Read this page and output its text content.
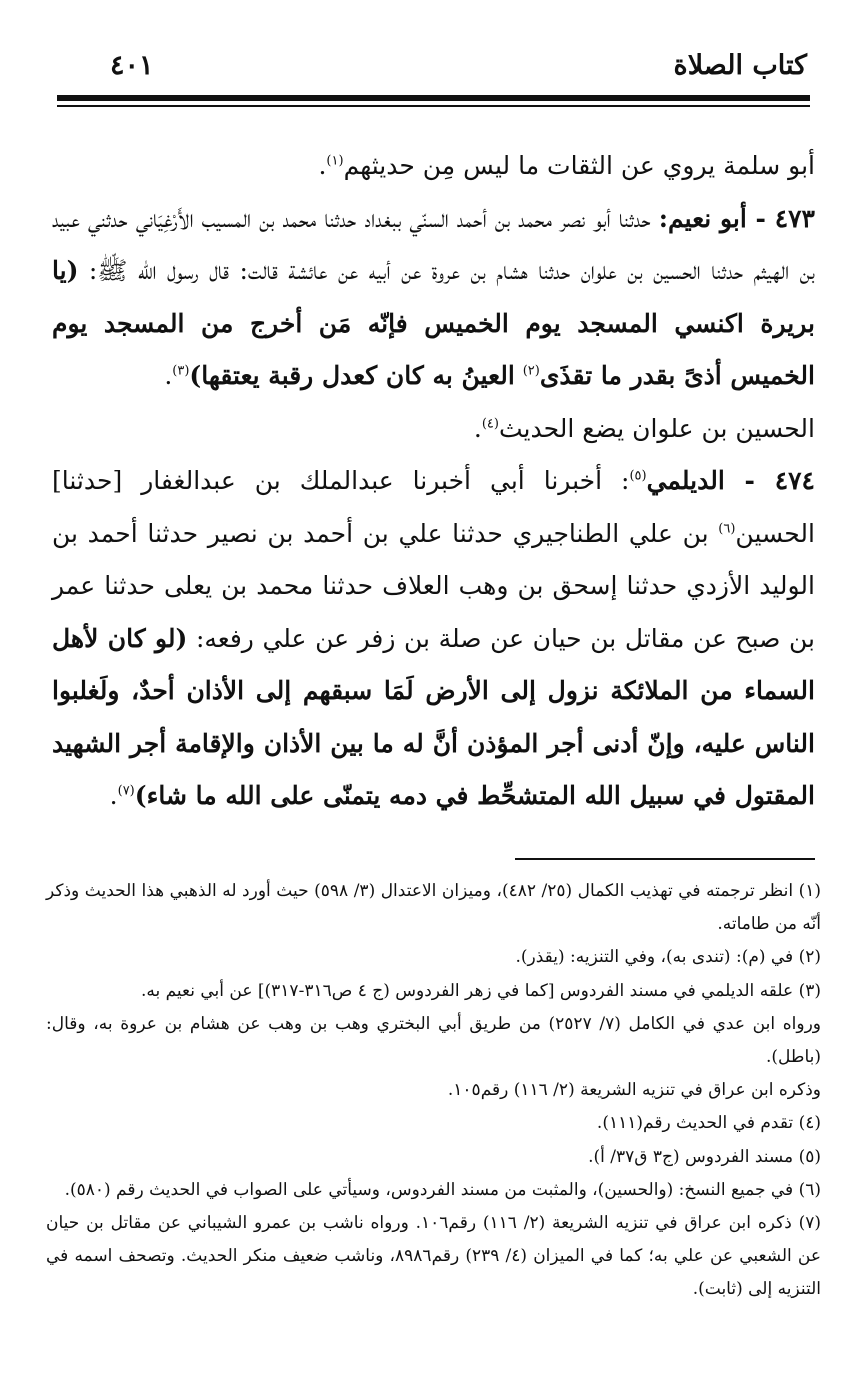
كتاب الصلاة
٤٠١

أبو سلمة يروي عن الثقات ما ليس مِن حديثهم$^{(١)}$.

٤٧٣ - أبو نعيم: حدثنا أبو نصر محمد بن أحمد السنّي ببغداد حدثنا محمد بن المسيب الأَرْغِيَاني حدثني عبيد بن الهيثم حدثنا الحسين بن علوان حدثنا هشام بن عروة عن أبيه عن عائشة قالت: قال رسول الله ﷺ: (يا بريرة اكنسي المسجد يوم الخميس فإنّه مَن أخرج من المسجد يوم الخميس أذىً بقدر ما تقذَى$^{(٢)}$ العينُ به كان كعدل رقبة يعتقها)$^{(٣)}$.

الحسين بن علوان يضع الحديث$^{(٤)}$.

٤٧٤ - الديلمي$^{(٥)}$: أخبرنا أبي أخبرنا عبدالملك بن عبدالغفار [حدثنا] الحسين$^{(٦)}$ بن علي الطناجيري حدثنا علي بن أحمد بن نصير حدثنا أحمد بن الوليد الأزدي حدثنا إسحق بن وهب العلاف حدثنا محمد بن يعلى حدثنا عمر بن صبح عن مقاتل بن حيان عن صلة بن زفر عن علي رفعه: (لو كان لأهل السماء من الملائكة نزول إلى الأرض لَمَا سبقهم إلى الأذان أحدٌ، ولَغلبوا الناس عليه، وإنّ أدنى أجر المؤذن أنَّ له ما بين الأذان والإقامة أجر الشهيد المقتول في سبيل الله المتشحِّط في دمه يتمنّى على الله ما شاء)$^{(٧)}$.

(١) انظر ترجمته في تهذيب الكمال (٢٥/ ٤٨٢)، وميزان الاعتدال (٣/ ٥٩٨) حيث أورد له الذهبي هذا الحديث وذكر أنّه من طاماته.

(٢) في (م): (تندى به)، وفي التنزيه: (يقذر).

(٣) علقه الديلمي في مسند الفردوس [كما في زهر الفردوس (ج ٤ ص٣١٦-٣١٧)] عن أبي نعيم به.

ورواه ابن عدي في الكامل (٧/ ٢٥٢٧) من طريق أبي البختري وهب بن وهب عن هشام بن عروة به، وقال: (باطل).

وذكره ابن عراق في تنزيه الشريعة (٢/ ١١٦) رقم١٠٥.

(٤) تقدم في الحديث رقم(١١١).

(٥) مسند الفردوس (ج٣ ق٣٧/ أ).

(٦) في جميع النسخ: (والحسين)، والمثبت من مسند الفردوس، وسيأتي على الصواب في الحديث رقم (٥٨٠).

(٧) ذكره ابن عراق في تنزيه الشريعة (٢/ ١١٦) رقم١٠٦. ورواه ناشب بن عمرو الشيباني عن مقاتل بن حيان عن الشعبي عن علي به؛ كما في الميزان (٤/ ٢٣٩) رقم٨٩٨٦، وناشب ضعيف منكر الحديث. وتصحف اسمه في التنزيه إلى (ثابت).
